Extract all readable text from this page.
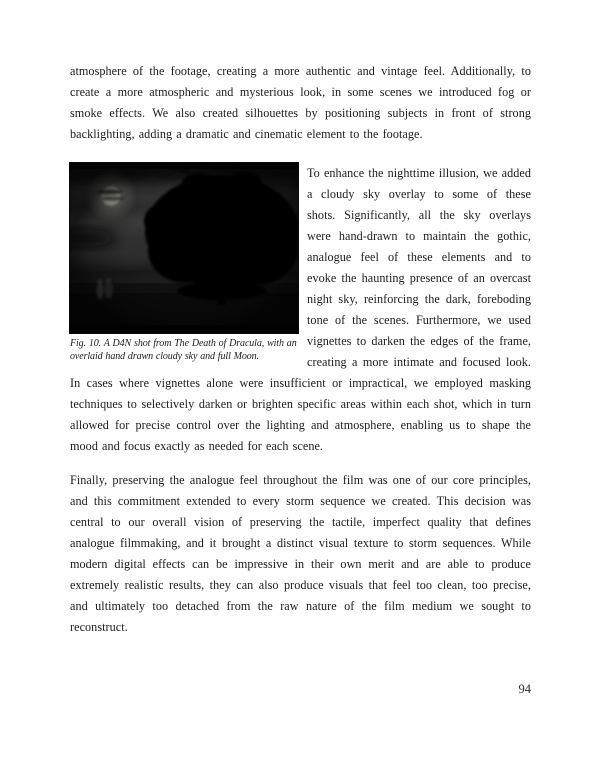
atmosphere of the footage, creating a more authentic and vintage feel. Additionally, to create a more atmospheric and mysterious look, in some scenes we introduced fog or smoke effects. We also created silhouettes by positioning subjects in front of strong backlighting, adding a dramatic and cinematic element to the footage.

Fig. 10. A D4N shot from The Death of Dracula, with an overlaid hand drawn cloudy sky and full Moon.

To enhance the nighttime illusion, we added a cloudy sky overlay to some of these shots. Significantly, all the sky overlays were hand-drawn to maintain the gothic, analogue feel of these elements and to evoke the haunting presence of an overcast night sky, reinforcing the dark, foreboding tone of the scenes. Furthermore, we used vignettes to darken the edges of the frame, creating a more intimate and focused look. In cases where vignettes alone were insufficient or impractical, we employed masking techniques to selectively darken or brighten specific areas within each shot, which in turn allowed for precise control over the lighting and atmosphere, enabling us to shape the mood and focus exactly as needed for each scene.

Finally, preserving the analogue feel throughout the film was one of our core principles, and this commitment extended to every storm sequence we created. This decision was central to our overall vision of preserving the tactile, imperfect quality that defines analogue filmmaking, and it brought a distinct visual texture to storm sequences. While modern digital effects can be impressive in their own merit and are able to produce extremely realistic results, they can also produce visuals that feel too clean, too precise, and ultimately too detached from the raw nature of the film medium we sought to reconstruct.

94
